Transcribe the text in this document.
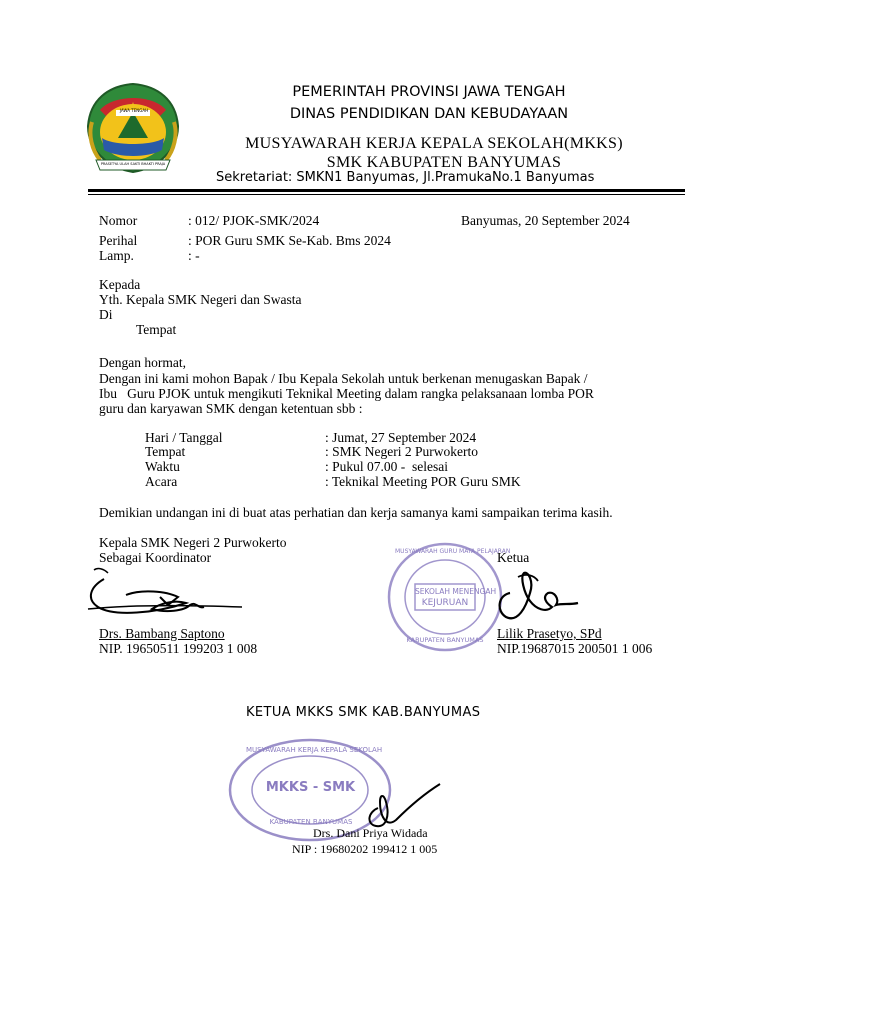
JAWA TENGAH
PRASETYA ULAH SAKTI BHAKTI PRAJA
PEMERINTAH PROVINSI JAWA TENGAH
DINAS PENDIDIKAN DAN KEBUDAYAAN
MUSYAWARAH KERJA KEPALA SEKOLAH(MKKS)
SMK KABUPATEN BANYUMAS
Sekretariat: SMKN1 Banyumas, Jl.PramukaNo.1 Banyumas
Nomor	: 012/ PJOK-SMK/2024	Banyumas, 20 September 2024
Perihal	: POR Guru SMK Se-Kab. Bms 2024
Lamp.	: -
Kepada
Yth. Kepala SMK Negeri dan Swasta
Di
Tempat
Dengan hormat,
Dengan ini kami mohon Bapak / Ibu Kepala Sekolah untuk berkenan menugaskan Bapak /
Ibu   Guru PJOK untuk mengikuti Teknikal Meeting dalam rangka pelaksanaan lomba POR
guru dan karyawan SMK dengan ketentuan sbb :
Hari / Tanggal	: Jumat, 27 September 2024
Tempat	: SMK Negeri 2 Purwokerto
Waktu	: Pukul 07.00 -  selesai
Acara	: Teknikal Meeting POR Guru SMK
Demikian undangan ini di buat atas perhatian dan kerja samanya kami sampaikan terima kasih.
Kepala SMK Negeri 2 Purwokerto
Sebagai Koordinator
Drs. Bambang Saptono
NIP. 19650511 199203 1 008
MUSYAWARAH GURU MATA PELAJARAN
SEKOLAH MENENGAH
KEJURUAN
KABUPATEN BANYUMAS
Ketua
Lilik Prasetyo, SPd
NIP.19687015 200501 1 006
KETUA MKKS SMK KAB.BANYUMAS
MUSYAWARAH KERJA KEPALA SEKOLAH
MKKS - SMK
KABUPATEN BANYUMAS
Drs. Dani Priya Widada
NIP : 19680202 199412 1 005
